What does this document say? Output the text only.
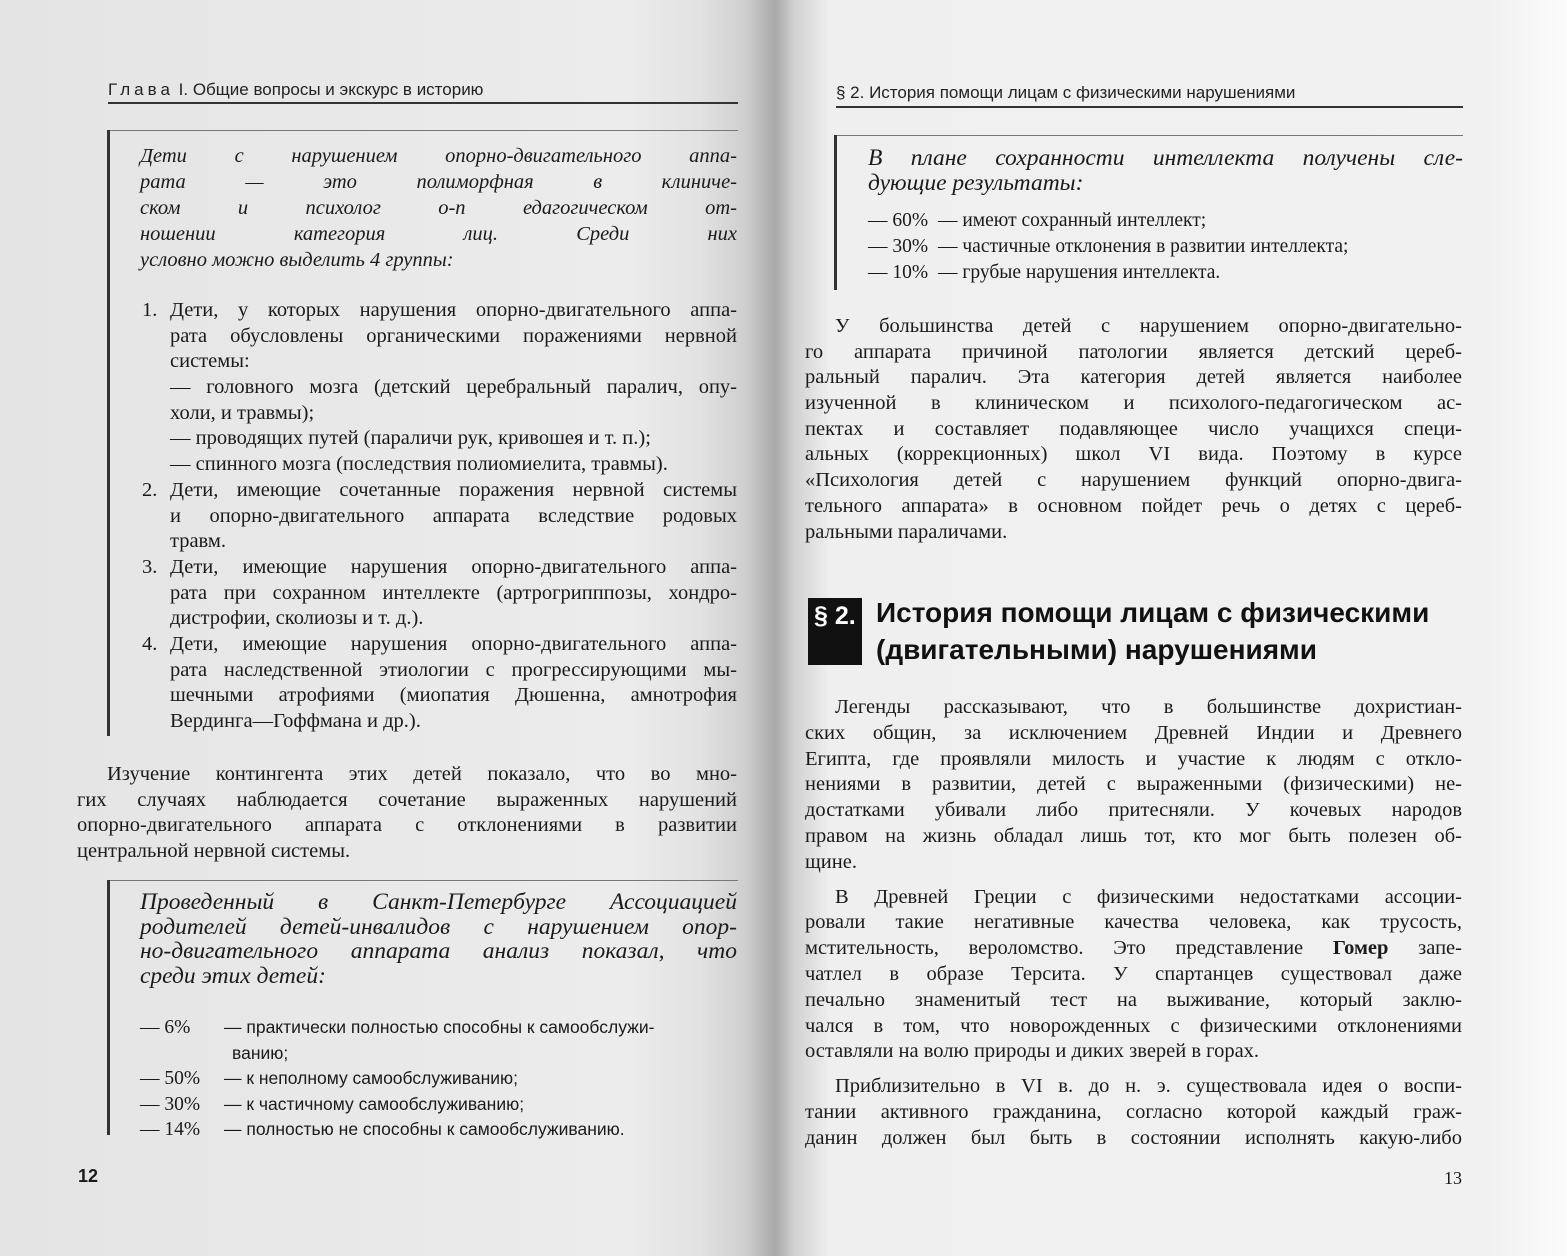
Глава I. Общие вопросы и экскурс в историю
Дети с нарушением опорно-двигательного аппа-
рата — это полиморфная в клиниче-
ском и психолог о-п едагогическом от-
ношении категория лиц. Среди них
условно можно выделить 4 группы:
1. Дети, у которых нарушения опорно-двигательного аппа-
рата обусловлены органическими поражениями нервной
системы:
— головного мозга (детский церебральный паралич, опу-
холи, и травмы);
— проводящих путей (параличи рук, кривошея и т. п.);
— спинного мозга (последствия полиомиелита, травмы).
2. Дети, имеющие сочетанные поражения нервной системы
и опорно-двигательного аппарата вследствие родовых
травм.
3. Дети, имеющие нарушения опорно-двигательного аппа-
рата при сохранном интеллекте (артрогрипппозы, хондро-
дистрофии, сколиозы и т. д.).
4. Дети, имеющие нарушения опорно-двигательного аппа-
рата наследственной этиологии с прогрессирующими мы-
шечными атрофиями (миопатия Дюшенна, амнотрофия
Вердинга—Гоффмана и др.).
Изучение контингента этих детей показало, что во мно-
гих случаях наблюдается сочетание выраженных нарушений
опорно-двигательного аппарата с отклонениями в развитии
центральной нервной системы.
Проведенный в Санкт-Петербурге Ассоциацией
родителей детей-инвалидов с нарушением опор-
но-двигательного аппарата анализ показал, что
среди этих детей:
— 6% — практически полностью способны к самообслужи-
ванию;
— 50% — к неполному самообслуживанию;
— 30% — к частичному самообслуживанию;
— 14% — полностью не способны к самообслуживанию.
12
§ 2. История помощи лицам с физическими нарушениями
В плане сохранности интеллекта получены сле-
дующие результаты:
— 60% — имеют сохранный интеллект;
— 30% — частичные отклонения в развитии интеллекта;
— 10% — грубые нарушения интеллекта.
У большинства детей с нарушением опорно-двигательно-
го аппарата причиной патологии является детский цереб-
ральный паралич. Эта категория детей является наиболее
изученной в клиническом и психолого-педагогическом ас-
пектах и составляет подавляющее число учащихся специ-
альных (коррекционных) школ VI вида. Поэтому в курсе
«Психология детей с нарушением функций опорно-двига-
тельного аппарата» в основном пойдет речь о детях с цереб-
ральными параличами.
§ 2. История помощи лицам с физическими
(двигательными) нарушениями
Легенды рассказывают, что в большинстве дохристиан-
ских общин, за исключением Древней Индии и Древнего
Египта, где проявляли милость и участие к людям с откло-
нениями в развитии, детей с выраженными (физическими) не-
достатками убивали либо притесняли. У кочевых народов
правом на жизнь обладал лишь тот, кто мог быть полезен об-
щине.
В Древней Греции с физическими недостатками ассоции-
ровали такие негативные качества человека, как трусость,
мстительность, вероломство. Это представление Гомер запе-
чатлел в образе Терсита. У спартанцев существовал даже
печально знаменитый тест на выживание, который заклю-
чался в том, что новорожденных с физическими отклонениями
оставляли на волю природы и диких зверей в горах.
Приблизительно в VI в. до н. э. существовала идея о воспи-
тании активного гражданина, согласно которой каждый граж-
данин должен был быть в состоянии исполнять какую-либо
13
